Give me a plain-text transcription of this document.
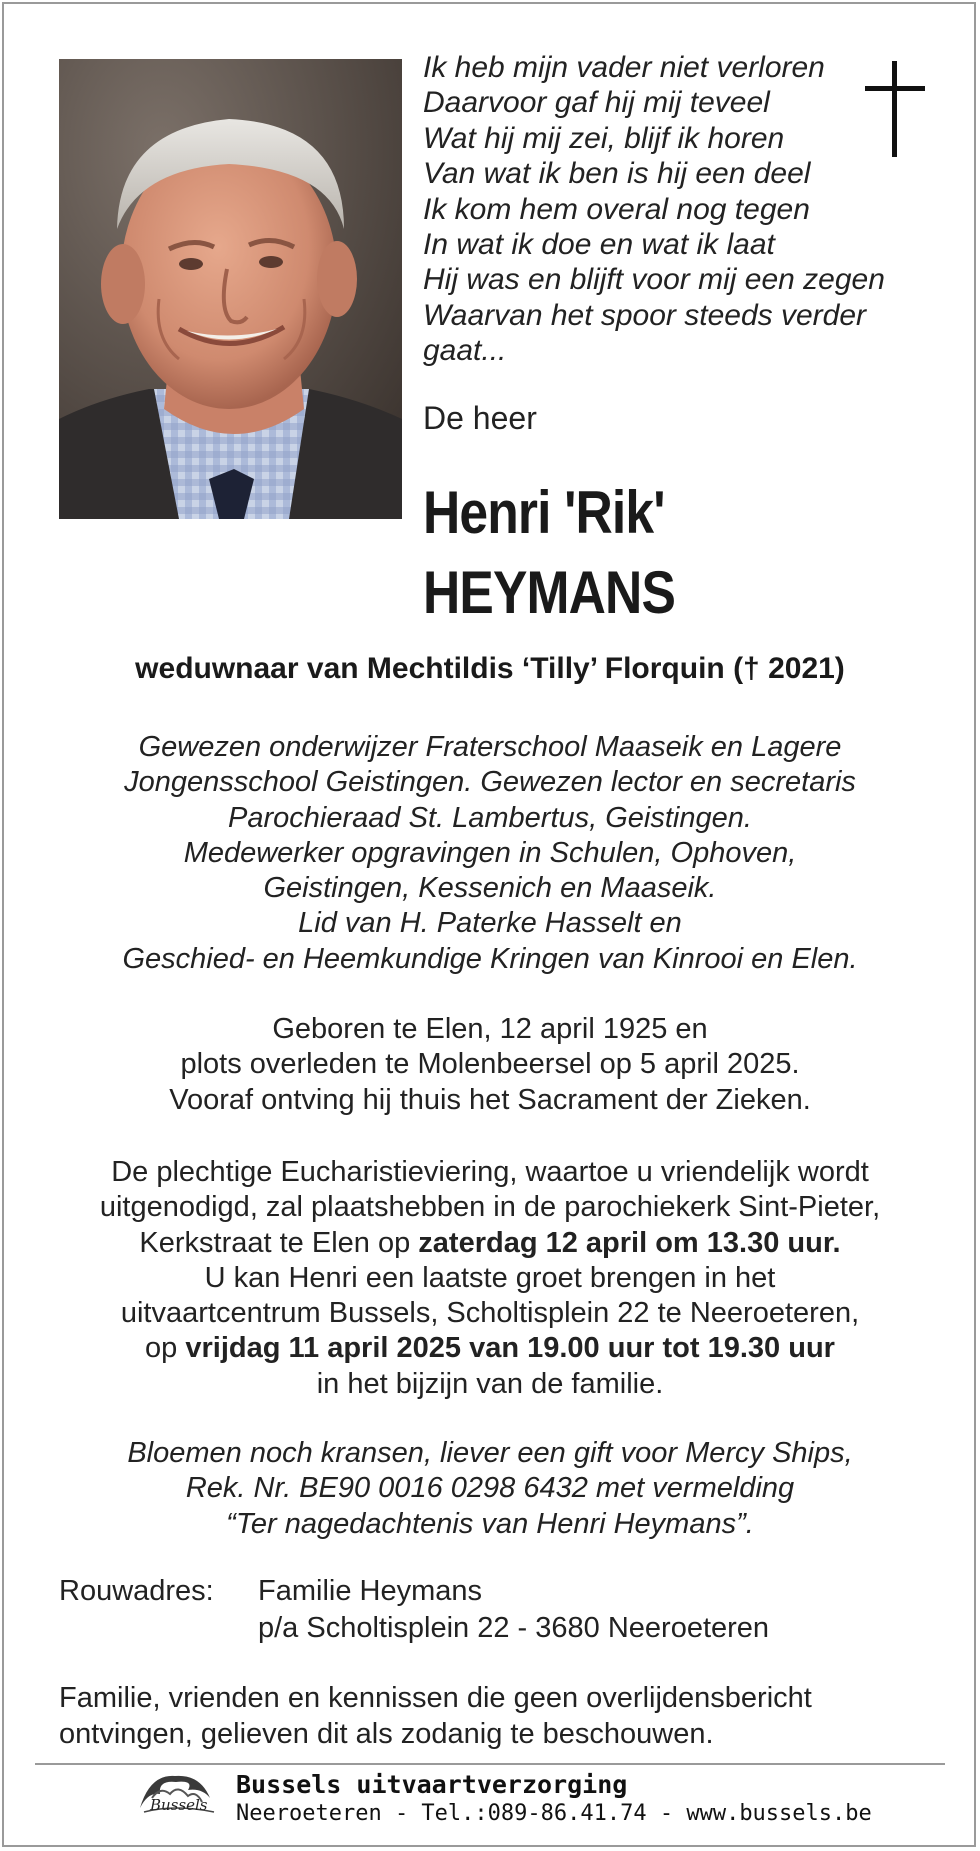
Ik heb mijn vader niet verloren
Daarvoor gaf hij mij teveel
Wat hij mij zei, blijf ik horen
Van wat ik ben is hij een deel
Ik kom hem overal nog tegen
In wat ik doe en wat ik laat
Hij was en blijft voor mij een zegen
Waarvan het spoor steeds verder
gaat...
De heer
Henri 'Rik'
HEYMANS
weduwnaar van Mechtildis ‘Tilly’ Florquin († 2021)
Gewezen onderwijzer Fraterschool Maaseik en Lagere
Jongensschool Geistingen. Gewezen lector en secretaris
Parochieraad St. Lambertus, Geistingen.
Medewerker opgravingen in Schulen, Ophoven,
Geistingen, Kessenich en Maaseik.
Lid van H. Paterke Hasselt en
Geschied- en Heemkundige Kringen van Kinrooi en Elen.
Geboren te Elen, 12 april 1925 en
plots overleden te Molenbeersel op 5 april 2025.
Vooraf ontving hij thuis het Sacrament der Zieken.
De plechtige Eucharistieviering, waartoe u vriendelijk wordt
uitgenodigd, zal plaatshebben in de parochiekerk Sint-Pieter,
Kerkstraat te Elen op zaterdag 12 april om 13.30 uur.
U kan Henri een laatste groet brengen in het
uitvaartcentrum Bussels, Scholtisplein 22 te Neeroeteren,
op vrijdag 11 april 2025 van 19.00 uur tot 19.30 uur
in het bijzijn van de familie.
Bloemen noch kransen, liever een gift voor Mercy Ships,
Rek. Nr. BE90 0016 0298 6432 met vermelding
“Ter nagedachtenis van Henri Heymans”.
Rouwadres: Familie Heymans
p/a Scholtisplein 22 - 3680 Neeroeteren
Familie, vrienden en kennissen die geen overlijdensbericht
ontvingen, gelieven dit als zodanig te beschouwen.
Bussels
Bussels uitvaartverzorging
Neeroeteren - Tel.:089-86.41.74 - www.bussels.be
